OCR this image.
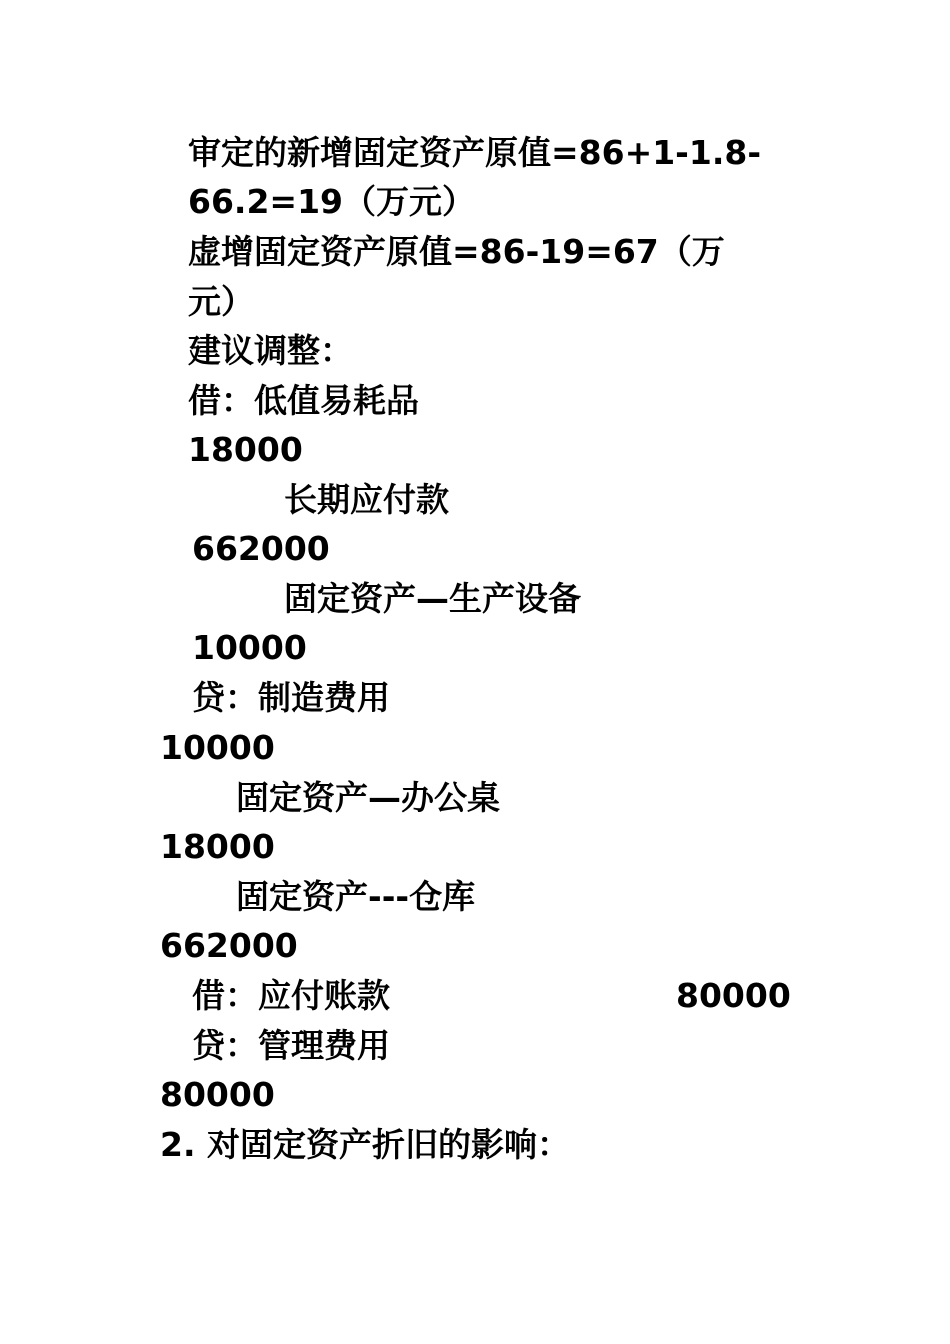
审定的新增固定资产原值=86+1-1.8-
66.2=19（万元）
虚增固定资产原值=86-19=67（万
元）
建议调整：
借：低值易耗品
18000
长期应付款
662000
固定资产—生产设备
10000
贷：制造费用
10000
固定资产—办公桌
18000
固定资产---仓库
662000
借：应付账款	80000
贷：管理费用
80000
2. 对固定资产折旧的影响：
